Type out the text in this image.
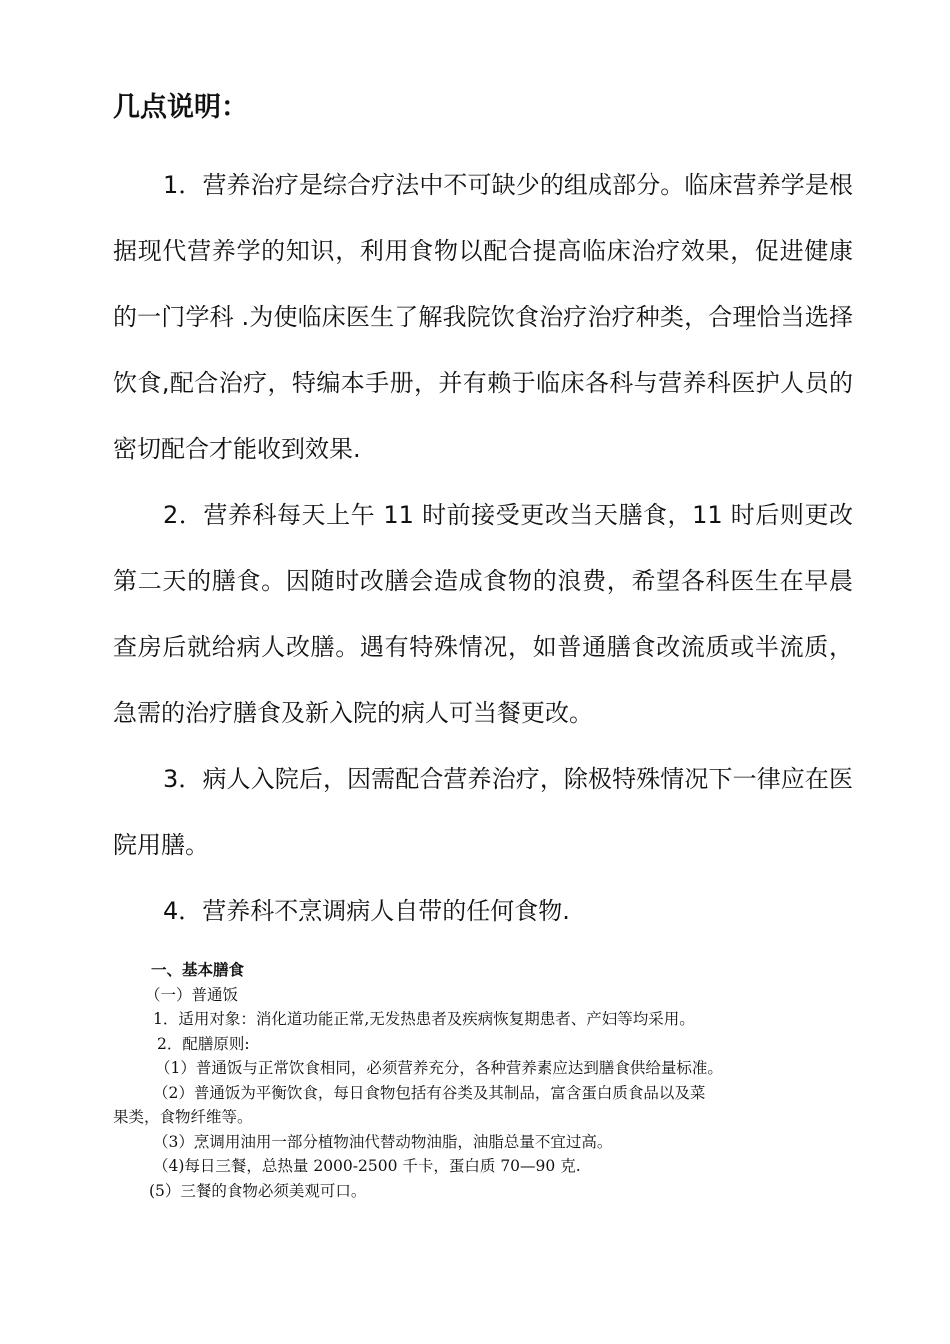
几点说明：

1．营养治疗是综合疗法中不可缺少的组成部分。临床营养学是根据现代营养学的知识，利用食物以配合提高临床治疗效果，促进健康的一门学科 .为使临床医生了解我院饮食治疗治疗种类，合理恰当选择饮食,配合治疗，特编本手册，并有赖于临床各科与营养科医护人员的密切配合才能收到效果.

2．营养科每天上午 11 时前接受更改当天膳食，11 时后则更改第二天的膳食。因随时改膳会造成食物的浪费，希望各科医生在早晨查房后就给病人改膳。遇有特殊情况，如普通膳食改流质或半流质，急需的治疗膳食及新入院的病人可当餐更改。

3．病人入院后，因需配合营养治疗，除极特殊情况下一律应在医院用膳。

4．营养科不烹调病人自带的任何食物.

一、基本膳食

（一）普通饭

1．适用对象：消化道功能正常,无发热患者及疾病恢复期患者、产妇等均采用。

2．配膳原则:

（1）普通饭与正常饮食相同，必须营养充分，各种营养素应达到膳食供给量标准。

（2）普通饭为平衡饮食，每日食物包括有谷类及其制品，富含蛋白质食品以及菜

果类，食物纤维等。

（3）烹调用油用一部分植物油代替动物油脂，油脂总量不宜过高。

（4)每日三餐，总热量 2000-2500 千卡，蛋白质 70—90 克.

(5）三餐的食物必须美观可口。
